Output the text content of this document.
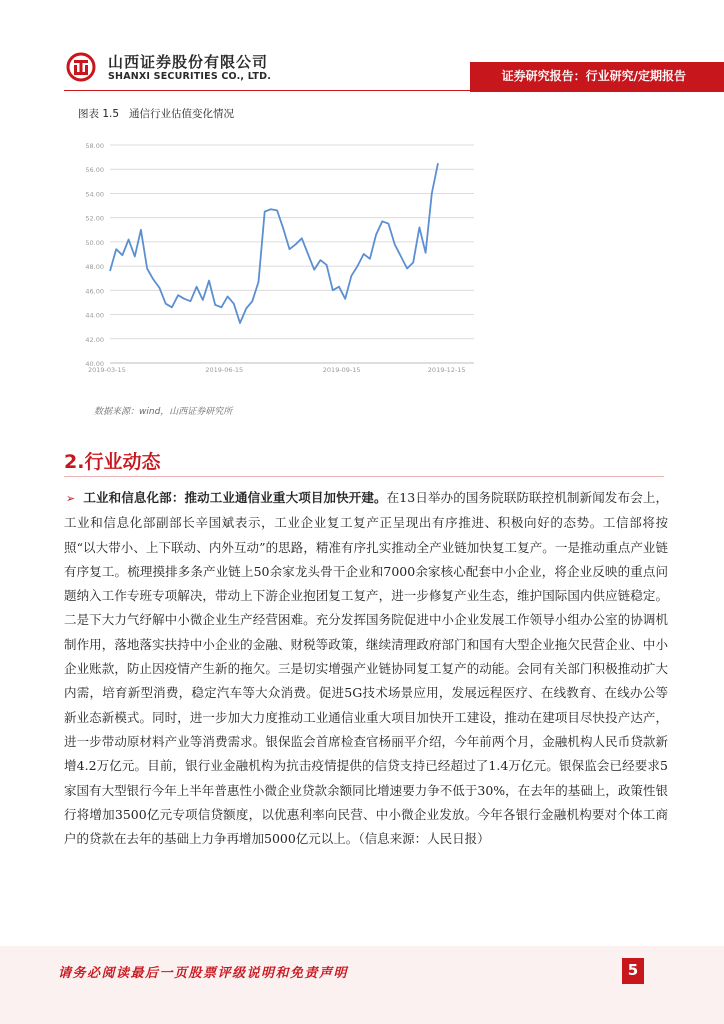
山西证券股份有限公司
SHANXI SECURITIES CO., LTD.	证券研究报告：行业研究/定期报告
图表 1.5 通信行业估值变化情况
40.00
42.00
44.00
46.00
48.00
50.00
52.00
54.00
56.00
58.00
2019-03-15	2019-06-15	2019-09-15	2019-12-15
数据来源：wind，山西证券研究所
2.行业动态

➢ 工业和信息化部：推动工业通信业重大项目加快开建。在13日举办的国务院联防联控机制新闻发布会上，工业和信息化部副部长辛国斌表示，工业企业复工复产正呈现出有序推进、积极向好的态势。工信部将按照“以大带小、上下联动、内外互动”的思路，精准有序扎实推动全产业链加快复工复产。一是推动重点产业链有序复工。梳理摸排多条产业链上50余家龙头骨干企业和7000余家核心配套中小企业，将企业反映的重点问题纳入工作专班专项解决，带动上下游企业抱团复工复产，进一步修复产业生态，维护国际国内供应链稳定。二是下大力气纾解中小微企业生产经营困难。充分发挥国务院促进中小企业发展工作领导小组办公室的协调机制作用，落地落实扶持中小企业的金融、财税等政策，继续清理政府部门和国有大型企业拖欠民营企业、中小企业账款，防止因疫情产生新的拖欠。三是切实增强产业链协同复工复产的动能。会同有关部门积极推动扩大内需，培育新型消费，稳定汽车等大众消费。促进5G技术场景应用，发展远程医疗、在线教育、在线办公等新业态新模式。同时，进一步加大力度推动工业通信业重大项目加快开工建设，推动在建项目尽快投产达产，进一步带动原材料产业等消费需求。银保监会首席检查官杨丽平介绍，今年前两个月，金融机构人民币贷款新增4.2万亿元。目前，银行业金融机构为抗击疫情提供的信贷支持已经超过了1.4万亿元。银保监会已经要求5家国有大型银行今年上半年普惠性小微企业贷款余额同比增速要力争不低于30%，在去年的基础上，政策性银行将增加3500亿元专项信贷额度，以优惠利率向民营、中小微企业发放。今年各银行金融机构要对个体工商户的贷款在去年的基础上力争再增加5000亿元以上。（信息来源：人民日报）

请务必阅读最后一页股票评级说明和免责声明	5
